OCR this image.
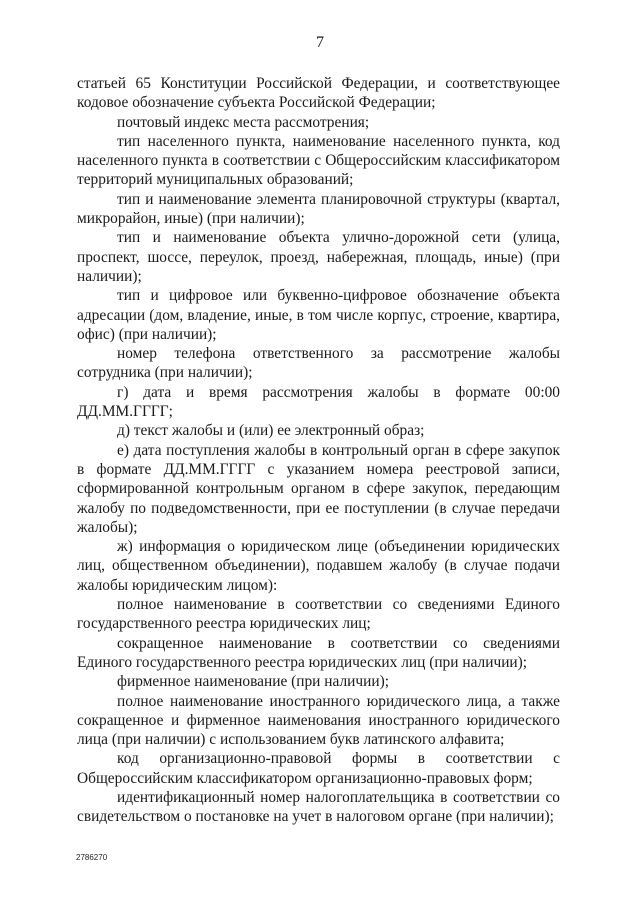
7

статьей 65 Конституции Российской Федерации, и соответствующее кодовое обозначение субъекта Российской Федерации;

почтовый индекс места рассмотрения;

тип населенного пункта, наименование населенного пункта, код населенного пункта в соответствии с Общероссийским классификатором территорий муниципальных образований;

тип и наименование элемента планировочной структуры (квартал, микрорайон, иные) (при наличии);

тип и наименование объекта улично-дорожной сети (улица, проспект, шоссе, переулок, проезд, набережная, площадь, иные) (при наличии);

тип и цифровое или буквенно-цифровое обозначение объекта адресации (дом, владение, иные, в том числе корпус, строение, квартира, офис) (при наличии);

номер телефона ответственного за рассмотрение жалобы сотрудника (при наличии);

г) дата и время рассмотрения жалобы в формате 00:00 ДД.ММ.ГГГГ;

д) текст жалобы и (или) ее электронный образ;

е) дата поступления жалобы в контрольный орган в сфере закупок в формате ДД.ММ.ГГГГ с указанием номера реестровой записи, сформированной контрольным органом в сфере закупок, передающим жалобу по подведомственности, при ее поступлении (в случае передачи жалобы);

ж) информация о юридическом лице (объединении юридических лиц, общественном объединении), подавшем жалобу (в случае подачи жалобы юридическим лицом):

полное наименование в соответствии со сведениями Единого государственного реестра юридических лиц;

сокращенное наименование в соответствии со сведениями Единого государственного реестра юридических лиц (при наличии);

фирменное наименование (при наличии);

полное наименование иностранного юридического лица, а также сокращенное и фирменное наименования иностранного юридического лица (при наличии) с использованием букв латинского алфавита;

код организационно-правовой формы в соответствии с Общероссийским классификатором организационно-правовых форм;

идентификационный номер налогоплательщика в соответствии со свидетельством о постановке на учет в налоговом органе (при наличии);

2786270
